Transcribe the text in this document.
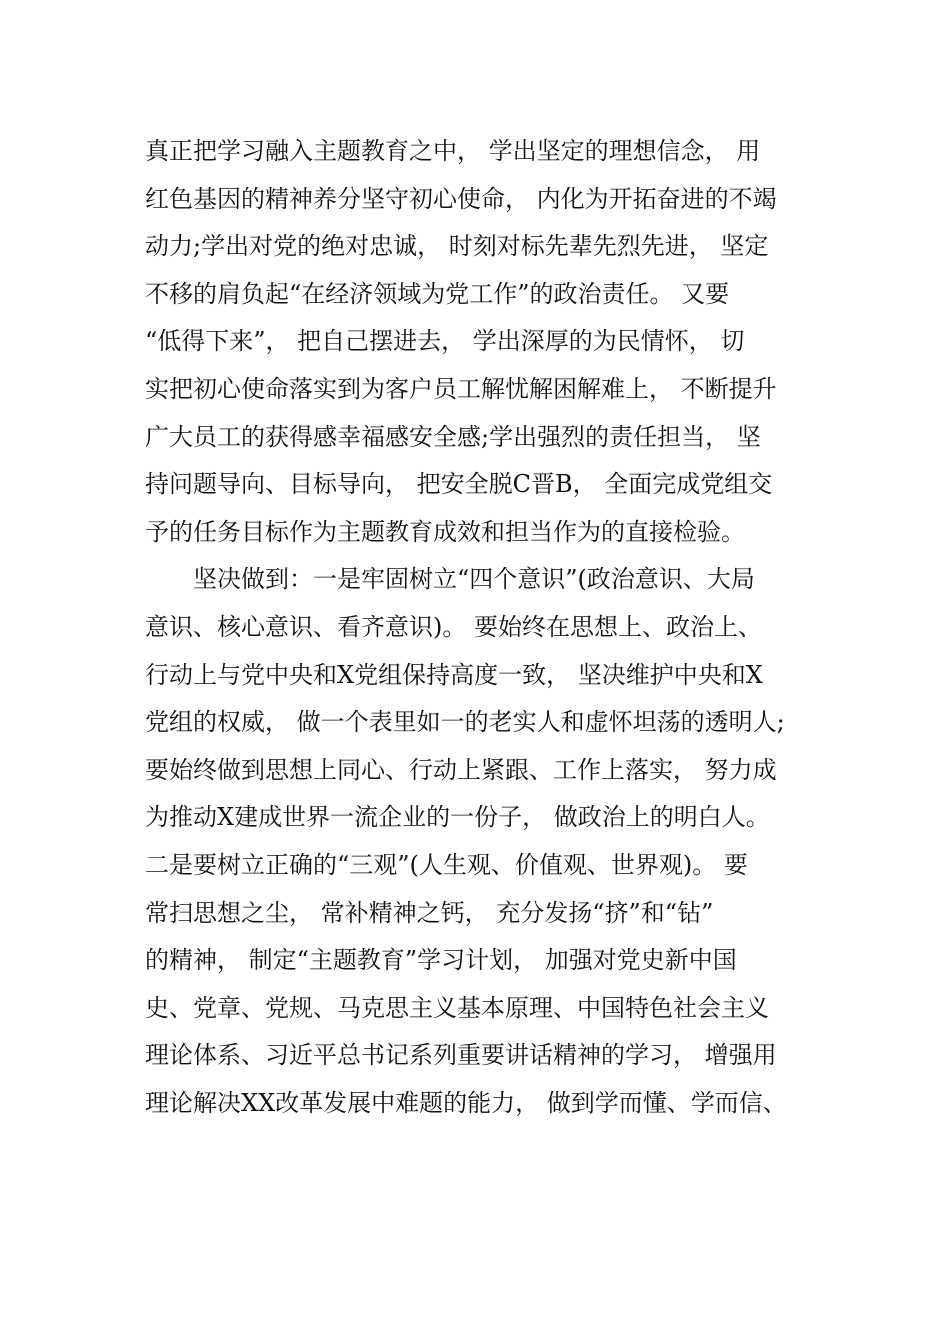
真正把学习融入主题教育之中， 学出坚定的理想信念， 用
红色基因的精神养分坚守初心使命， 内化为开拓奋进的不竭
动力;学出对党的绝对忠诚， 时刻对标先辈先烈先进， 坚定
不移的肩负起“在经济领域为党工作”的政治责任。 又要
“低得下来”， 把自己摆进去， 学出深厚的为民情怀， 切
实把初心使命落实到为客户员工解忧解困解难上， 不断提升
广大员工的获得感幸福感安全感;学出强烈的责任担当， 坚
持问题导向、目标导向， 把安全脱C晋B， 全面完成党组交
予的任务目标作为主题教育成效和担当作为的直接检验。
坚决做到：一是牢固树立“四个意识”(政治意识、大局
意识、核心意识、看齐意识)。 要始终在思想上、政治上、
行动上与党中央和X党组保持高度一致， 坚决维护中央和X
党组的权威， 做一个表里如一的老实人和虚怀坦荡的透明人;
要始终做到思想上同心、行动上紧跟、工作上落实， 努力成
为推动X建成世界一流企业的一份子， 做政治上的明白人。
二是要树立正确的“三观”(人生观、价值观、世界观)。 要
常扫思想之尘， 常补精神之钙， 充分发扬“挤”和“钻”
的精神， 制定“主题教育”学习计划， 加强对党史新中国
史、党章、党规、马克思主义基本原理、中国特色社会主义
理论体系、习近平总书记系列重要讲话精神的学习， 增强用
理论解决XX改革发展中难题的能力， 做到学而懂、学而信、
